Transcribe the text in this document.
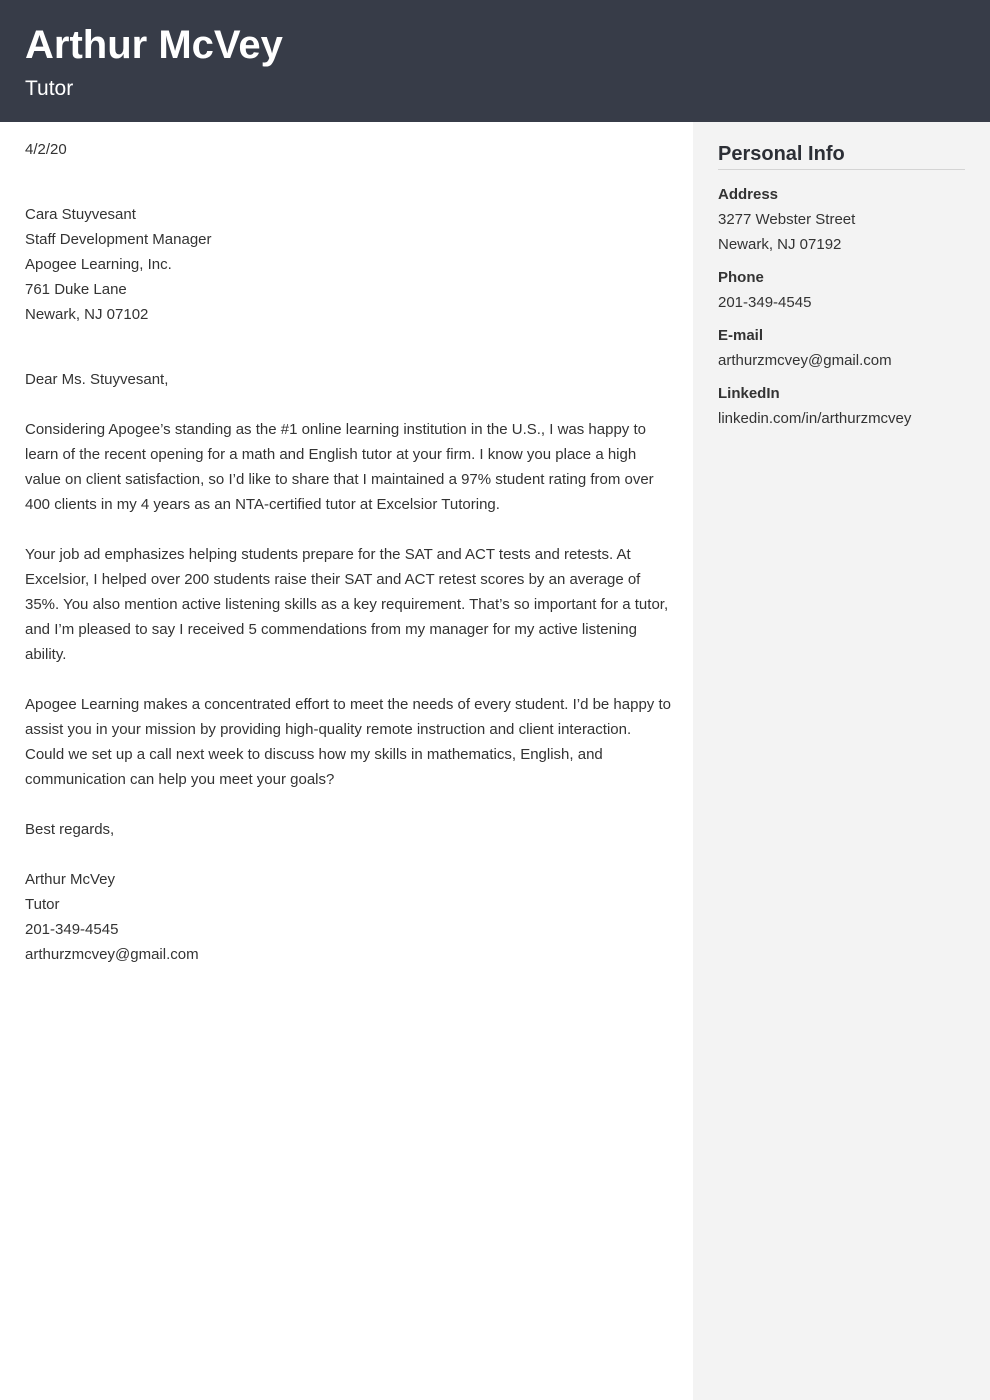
Arthur McVey
Tutor

4/2/20

Cara Stuyvesant
Staff Development Manager
Apogee Learning, Inc.
761 Duke Lane
Newark, NJ 07102

Dear Ms. Stuyvesant,

Considering Apogee’s standing as the #1 online learning institution in the U.S., I was happy to learn of the recent opening for a math and English tutor at your firm. I know you place a high value on client satisfaction, so I’d like to share that I maintained a 97% student rating from over 400 clients in my 4 years as an NTA-certified tutor at Excelsior Tutoring.

Your job ad emphasizes helping students prepare for the SAT and ACT tests and retests. At Excelsior, I helped over 200 students raise their SAT and ACT retest scores by an average of 35%. You also mention active listening skills as a key requirement. That’s so important for a tutor, and I’m pleased to say I received 5 commendations from my manager for my active listening ability.

Apogee Learning makes a concentrated effort to meet the needs of every student. I’d be happy to assist you in your mission by providing high-quality remote instruction and client interaction. Could we set up a call next week to discuss how my skills in mathematics, English, and communication can help you meet your goals?

Best regards,

Arthur McVey
Tutor
201-349-4545
arthurzmcvey@gmail.com
Personal Info
Address
3277 Webster Street
Newark, NJ 07192
Phone
201-349-4545
E-mail
arthurzmcvey@gmail.com
LinkedIn
linkedin.com/in/arthurzmcvey
